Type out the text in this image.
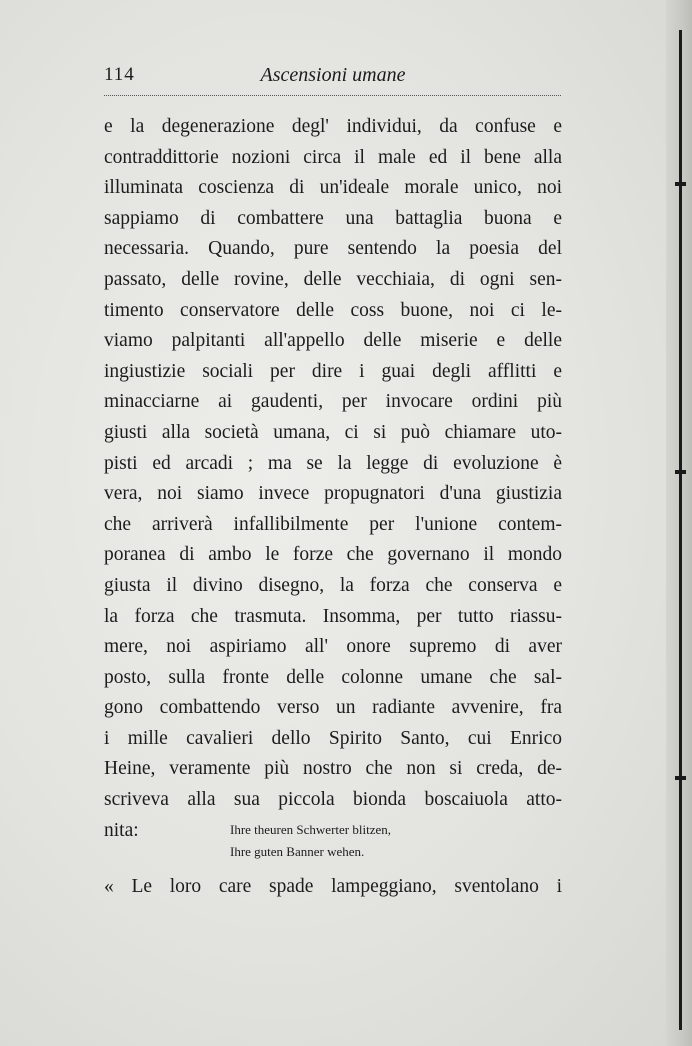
114	Ascensioni umane
e la degenerazione degl' individui, da confuse e
contraddittorie nozioni circa il male ed il bene alla
illuminata coscienza di un'ideale morale unico, noi
sappiamo di combattere una battaglia buona e
necessaria. Quando, pure sentendo la poesia del
passato, delle rovine, delle vecchiaia, di ogni sen-
timento conservatore delle coss buone, noi ci le-
viamo palpitanti all'appello delle miserie e delle
ingiustizie sociali per dire i guai degli afflitti e
minacciarne ai gaudenti, per invocare ordini più
giusti alla società umana, ci si può chiamare uto-
pisti ed arcadi ; ma se la legge di evoluzione è
vera, noi siamo invece propugnatori d'una giustizia
che arriverà infallibilmente per l'unione contem-
poranea di ambo le forze che governano il mondo
giusta il divino disegno, la forza che conserva e
la forza che trasmuta. Insomma, per tutto riassu-
mere, noi aspiriamo all' onore supremo di aver
posto, sulla fronte delle colonne umane che sal-
gono combattendo verso un radiante avvenire, fra
i mille cavalieri dello Spirito Santo, cui Enrico
Heine, veramente più nostro che non si creda, de-
scriveva alla sua piccola bionda boscaiuola atto-
nita:	Ihre theuren Schwerter blitzen,
Ihre guten Banner wehen.
« Le loro care spade lampeggiano, sventolano i
